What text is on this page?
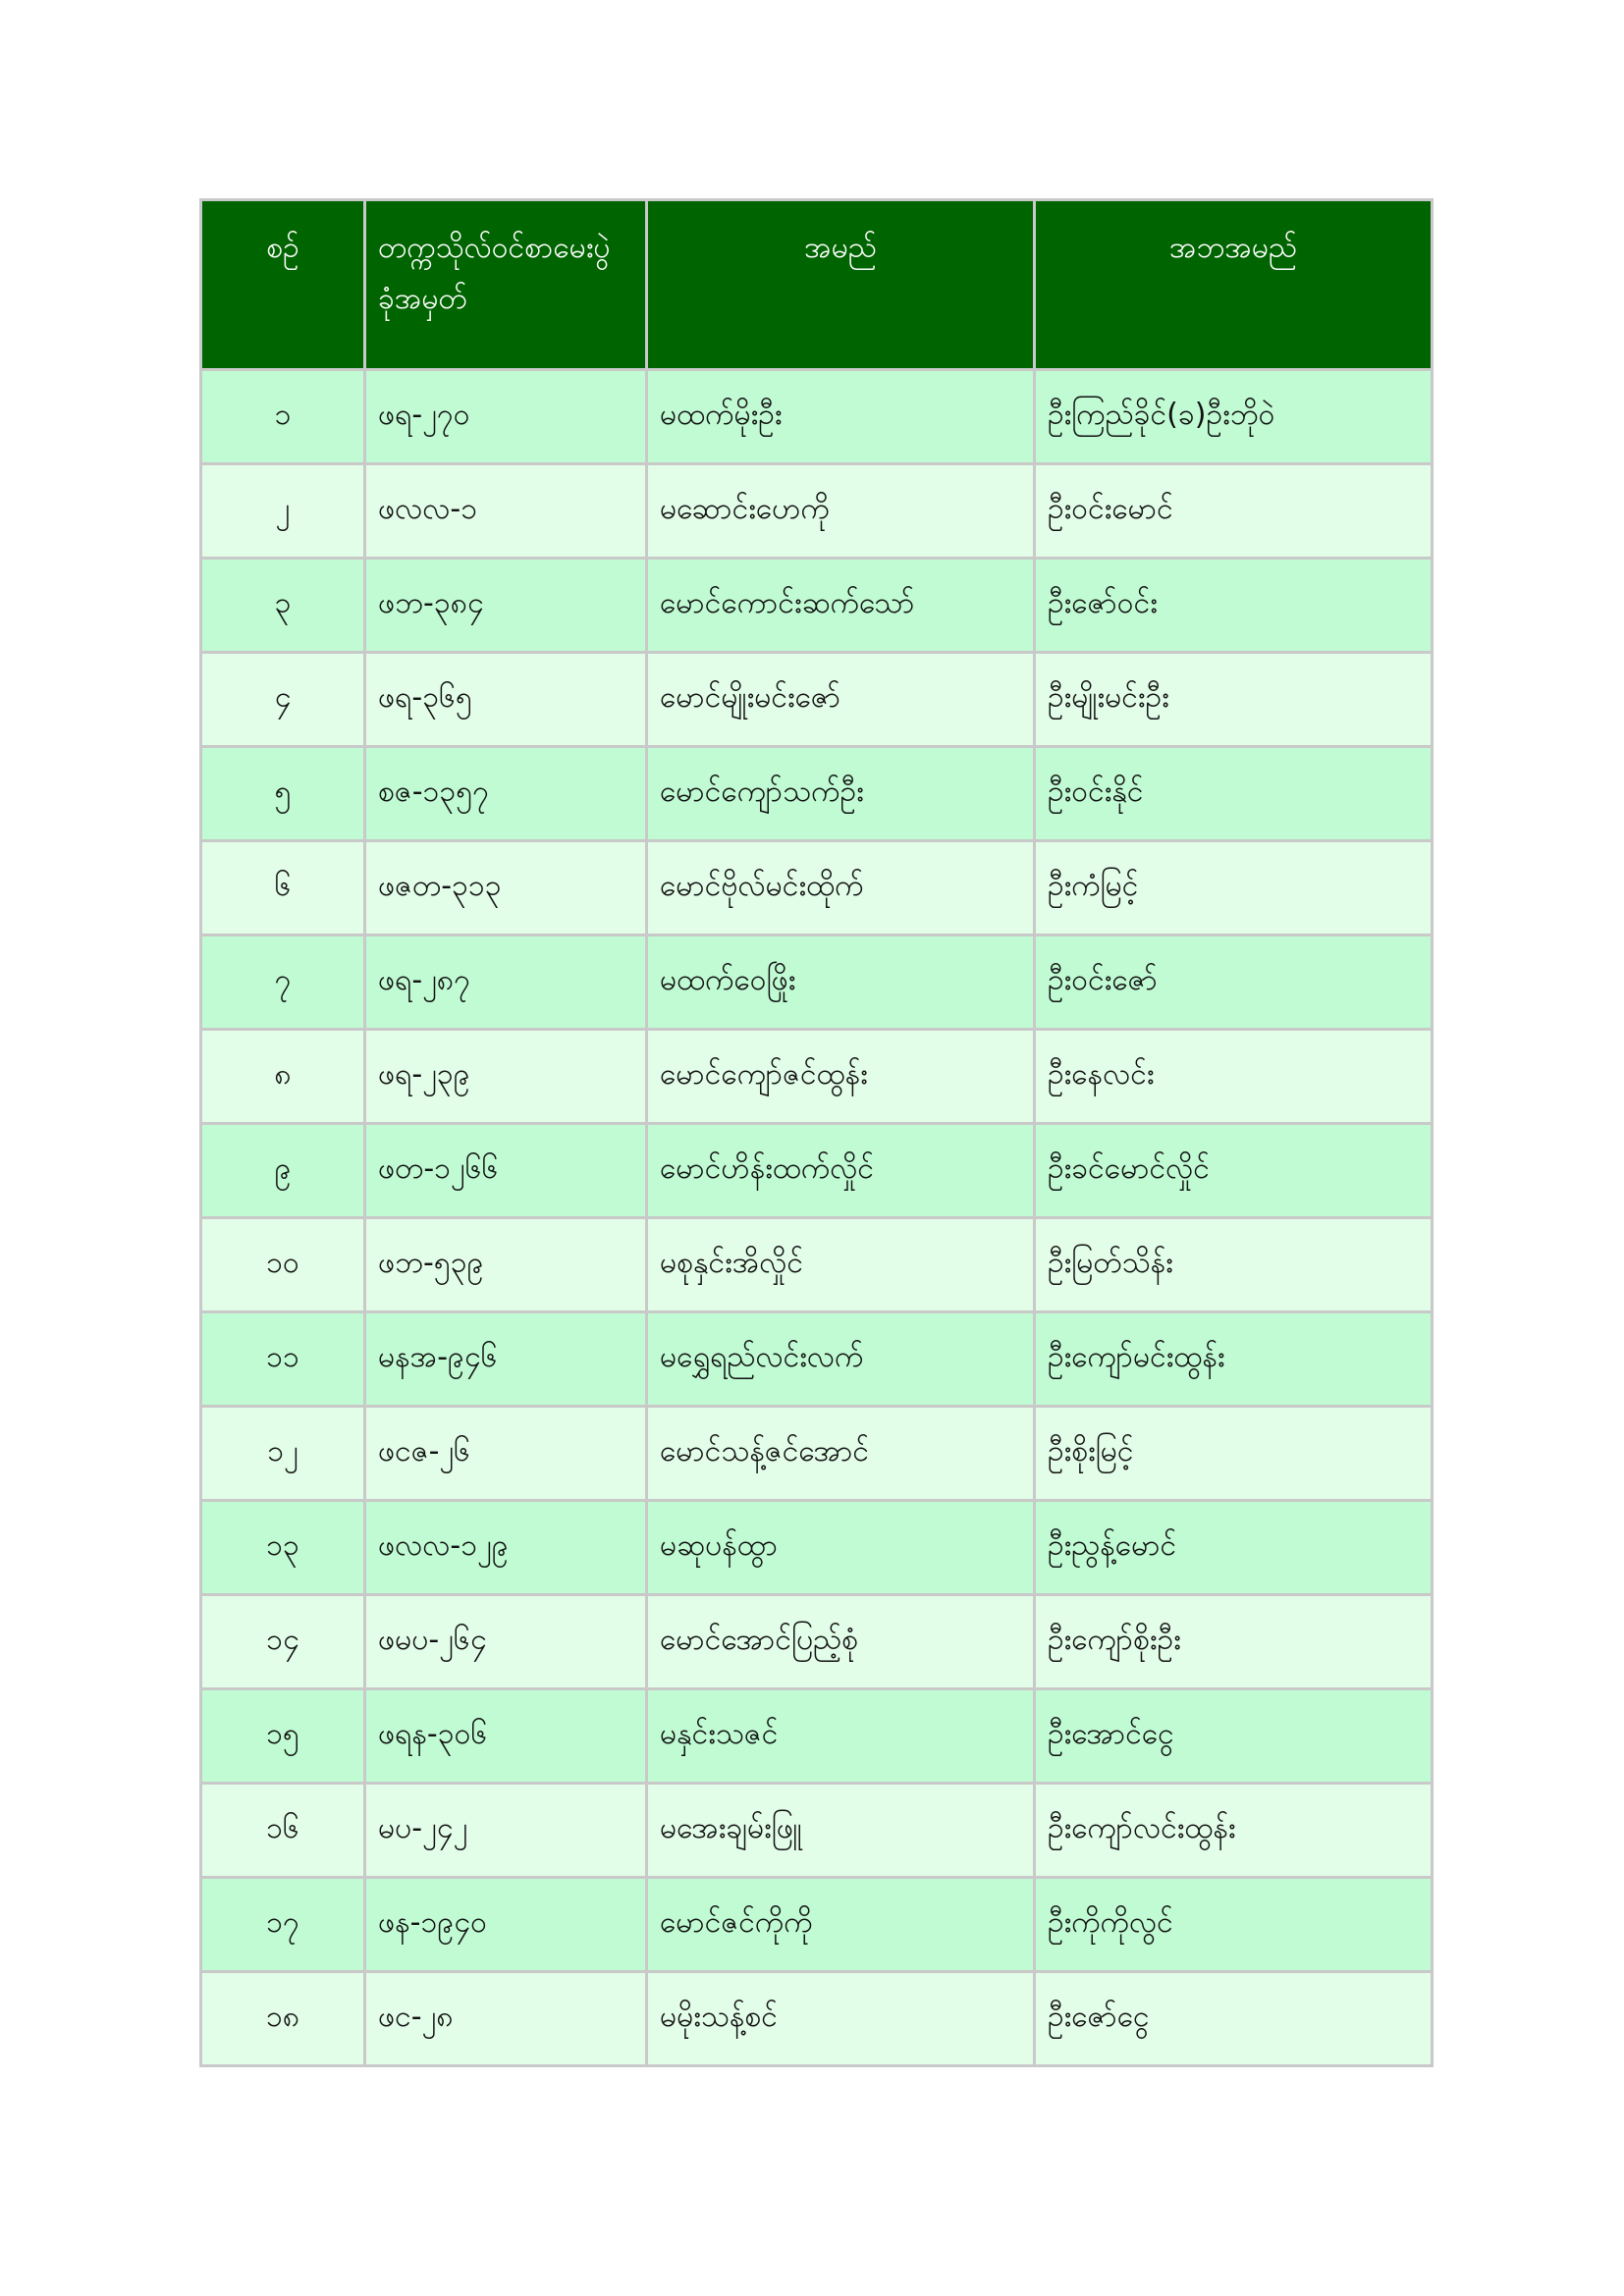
စဉ်	တက္ကသိုလ်ဝင်စာမေးပွဲ ခုံအမှတ်	အမည်	အဘအမည်
၁	ဖရ-၂၇၀	မထက်မိုးဦး	ဦးကြည်ခိုင်(ခ)ဦးဘိုဝဲ
၂	ဖလလ-၁	မဆောင်းဟေကို	ဦးဝင်းမောင်
၃	ဖဘ-၃၈၄	မောင်ကောင်းဆက်သော်	ဦးဇော်ဝင်း
၄	ဖရ-၃၆၅	မောင်မျိုးမင်းဇော်	ဦးမျိုးမင်းဦး
၅	စဇ-၁၃၅၇	မောင်ကျော်သက်ဦး	ဦးဝင်းနိုင်
၆	ဖဇတ-၃၁၃	မောင်ဗိုလ်မင်းထိုက်	ဦးကံမြင့်
၇	ဖရ-၂၈၇	မထက်ဝေဖြိုး	ဦးဝင်းဇော်
၈	ဖရ-၂၃၉	မောင်ကျော်ဇင်ထွန်း	ဦးနေလင်း
၉	ဖတ-၁၂၆၆	မောင်ဟိန်းထက်လှိုင်	ဦးခင်မောင်လှိုင်
၁၀	ဖဘ-၅၃၉	မစုနှင်းအိလှိုင်	ဦးမြတ်သိန်း
၁၁	မနအ-၉၄၆	မရွှေရည်လင်းလက်	ဦးကျော်မင်းထွန်း
၁၂	ဖငဇ-၂၆	မောင်သန့်ဇင်အောင်	ဦးစိုးမြင့်
၁၃	ဖလလ-၁၂၉	မဆုပန်ထွာ	ဦးညွန့်မောင်
၁၄	ဖမပ-၂၆၄	မောင်အောင်ပြည့်စုံ	ဦးကျော်စိုးဦး
၁၅	ဖရန-၃၀၆	မနှင်းသဇင်	ဦးအောင်ငွေ
၁၆	မပ-၂၄၂	မအေးချမ်းဖြူ	ဦးကျော်လင်းထွန်း
၁၇	ဖန-၁၉၄၀	မောင်ဇင်ကိုကို	ဦးကိုကိုလွင်
၁၈	ဖင-၂၈	မမိုးသန့်စင်	ဦးဇော်ငွေ
